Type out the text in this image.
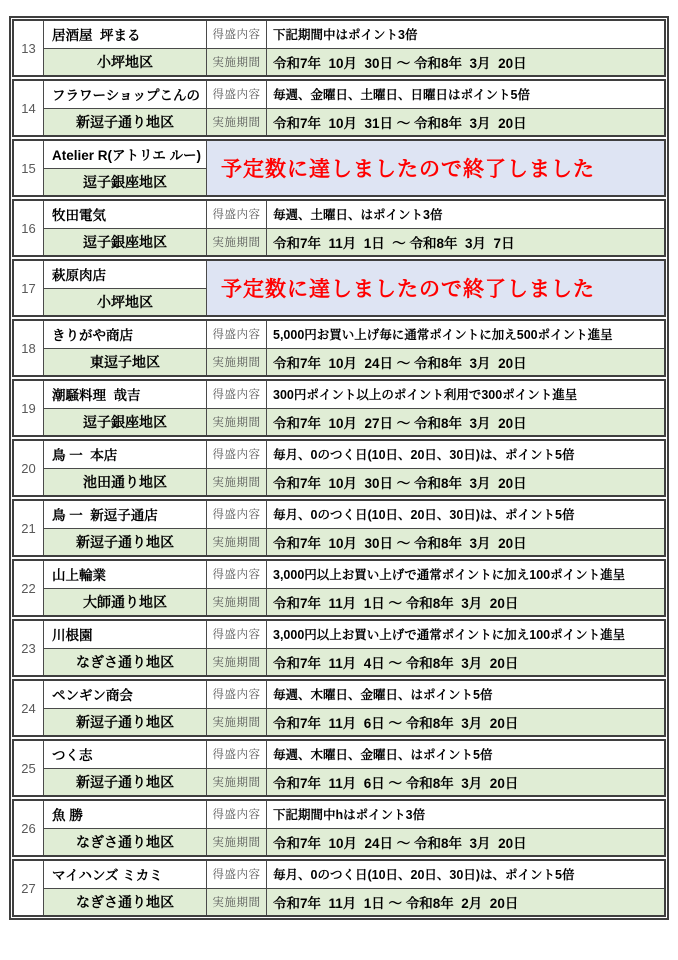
13
居酒屋  坪まる
小坪地区
得盛内容
実施期間
下記期間中はポイント3倍
令和7年  10月  30日 ～ 令和8年  3月  20日
14
フラワーショップこんの
新逗子通り地区
得盛内容
実施期間
毎週、金曜日、土曜日、日曜日はポイント5倍
令和7年  10月  31日 ～ 令和8年  3月  20日
15
Atelier R(アトリエ ルー)
逗子銀座地区
予定数に達しましたので終了しました
16
牧田電気
逗子銀座地区
得盛内容
実施期間
毎週、土曜日、はポイント3倍
令和7年  11月  1日  ～ 令和8年  3月  7日
17
萩原肉店
小坪地区
予定数に達しましたので終了しました
18
きりがや商店
東逗子地区
得盛内容
実施期間
5,000円お買い上げ毎に通常ポイントに加え500ポイント進呈
令和7年  10月  24日 ～ 令和8年  3月  20日
19
潮騒料理  哉吉
逗子銀座地区
得盛内容
実施期間
300円ポイント以上のポイント利用で300ポイント進呈
令和7年  10月  27日 ～ 令和8年  3月  20日
20
鳥 一  本店
池田通り地区
得盛内容
実施期間
毎月、0のつく日(10日、20日、30日)は、ポイント5倍
令和7年  10月  30日 ～ 令和8年  3月  20日
21
鳥 一  新逗子通店
新逗子通り地区
得盛内容
実施期間
毎月、0のつく日(10日、20日、30日)は、ポイント5倍
令和7年  10月  30日 ～ 令和8年  3月  20日
22
山上輪業
大師通り地区
得盛内容
実施期間
3,000円以上お買い上げで通常ポイントに加え100ポイント進呈
令和7年  11月  1日 ～ 令和8年  3月  20日
23
川根園
なぎさ通り地区
得盛内容
実施期間
3,000円以上お買い上げで通常ポイントに加え100ポイント進呈
令和7年  11月  4日 ～ 令和8年  3月  20日
24
ペンギン商会
新逗子通り地区
得盛内容
実施期間
毎週、木曜日、金曜日、はポイント5倍
令和7年  11月  6日 ～ 令和8年  3月  20日
25
つく志
新逗子通り地区
得盛内容
実施期間
毎週、木曜日、金曜日、はポイント5倍
令和7年  11月  6日 ～ 令和8年  3月  20日
26
魚 勝
なぎさ通り地区
得盛内容
実施期間
下記期間中hはポイント3倍
令和7年  10月  24日 ～ 令和8年  3月  20日
27
マイハンズ ミカミ
なぎさ通り地区
得盛内容
実施期間
毎月、0のつく日(10日、20日、30日)は、ポイント5倍
令和7年  11月  1日 ～ 令和8年  2月  20日
